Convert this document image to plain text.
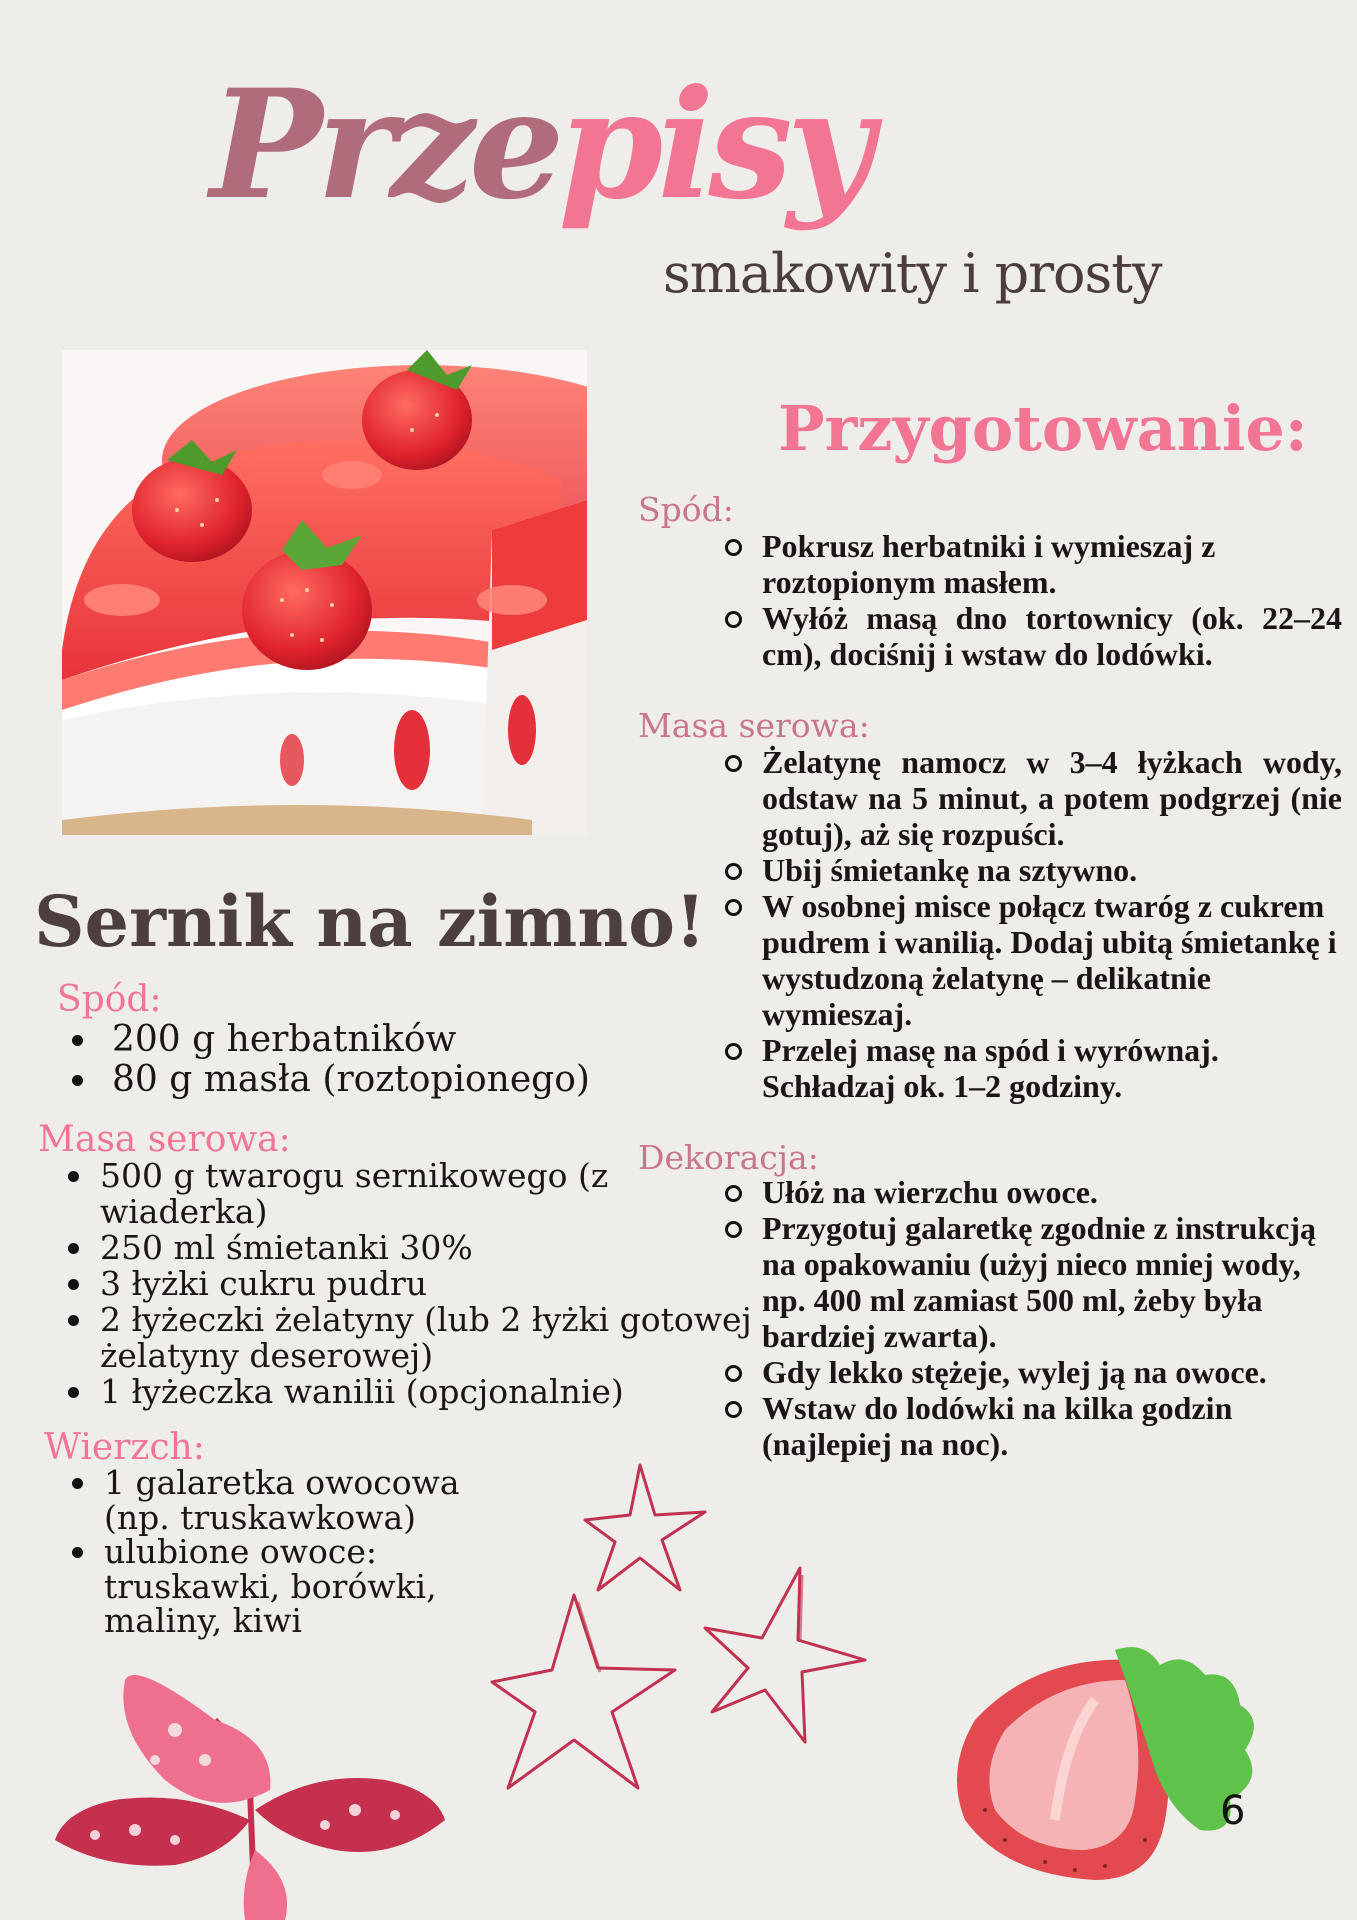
Przepisy
smakowity i prosty
Sernik na zimno!
Spód:
200 g herbatników
80 g masła (roztopionego)
Masa serowa:
500 g twarogu sernikowego (z
wiaderka)
250 ml śmietanki 30%
3 łyżki cukru pudru
2 łyżeczki żelatyny (lub 2 łyżki gotowej
żelatyny deserowej)
1 łyżeczka wanilii (opcjonalnie)
Wierzch:
1 galaretka owocowa
(np. truskawkowa)
ulubione owoce:
truskawki, borówki,
maliny, kiwi
Przygotowanie:
Spód:
Pokrusz herbatniki i wymieszaj z roztopionym masłem.
Wyłóż masą dno tortownicy (ok. 22–24 cm), dociśnij i wstaw do lodówki.
Masa serowa:
Żelatynę namocz w 3–4 łyżkach wody, odstaw na 5 minut, a potem podgrzej (nie gotuj), aż się rozpuści.
Ubij śmietankę na sztywno.
W osobnej misce połącz twaróg z cukrem pudrem i wanilią. Dodaj ubitą śmietankę i wystudzoną żelatynę – delikatnie wymieszaj.
Przelej masę na spód i wyrównaj. Schładzaj ok. 1–2 godziny.
Dekoracja:
Ułóż na wierzchu owoce.
Przygotuj galaretkę zgodnie z instrukcją na opakowaniu (użyj nieco mniej wody, np. 400 ml zamiast 500 ml, żeby była bardziej zwarta).
Gdy lekko stężeje, wylej ją na owoce.
Wstaw do lodówki na kilka godzin (najlepiej na noc).
6
